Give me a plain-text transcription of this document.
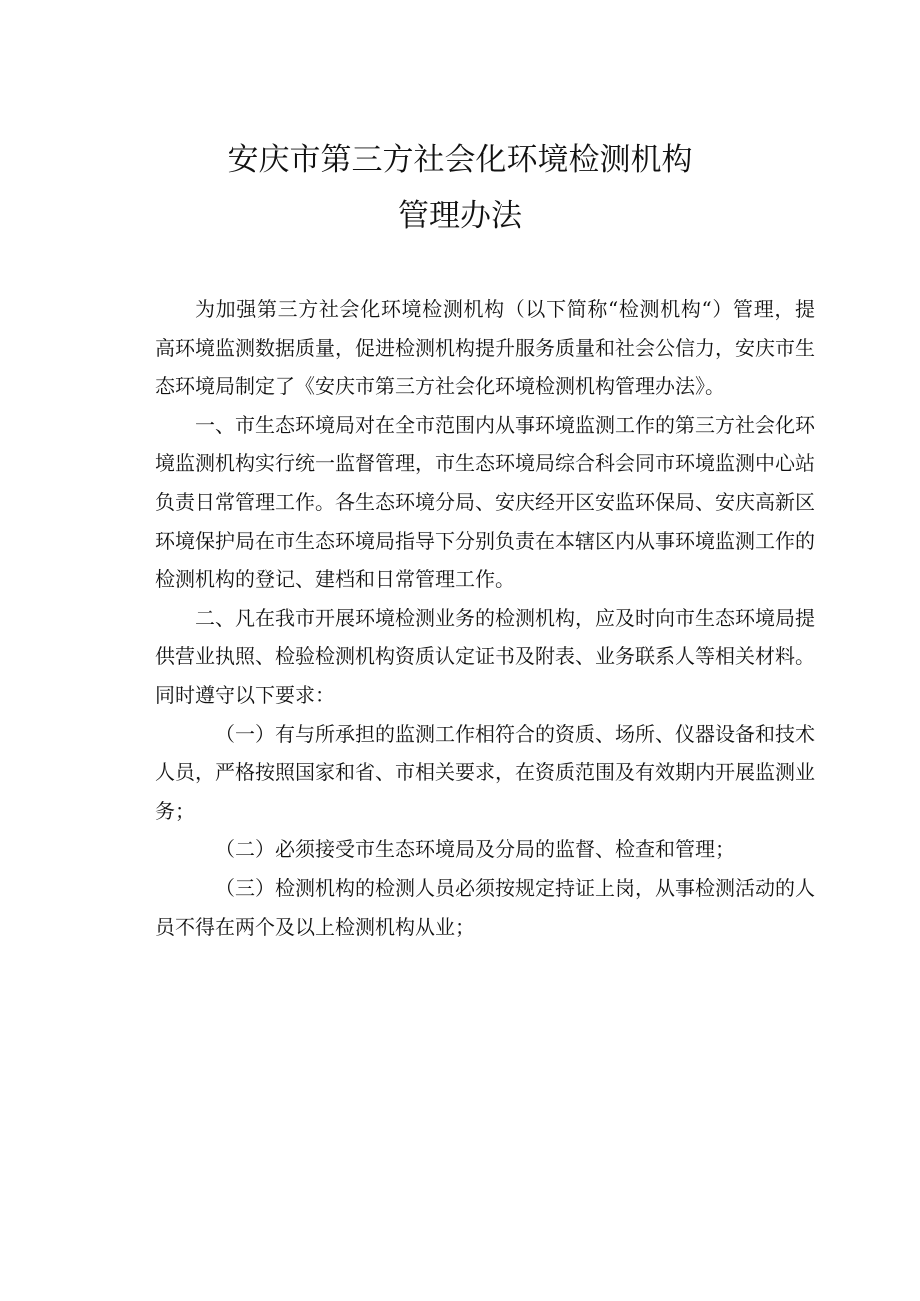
安庆市第三方社会化环境检测机构
管理办法

为加强第三方社会化环境检测机构（以下简称“检测机构“）管理，提高环境监测数据质量，促进检测机构提升服务质量和社会公信力，安庆市生态环境局制定了《安庆市第三方社会化环境检测机构管理办法》。

一、市生态环境局对在全市范围内从事环境监测工作的第三方社会化环境监测机构实行统一监督管理，市生态环境局综合科会同市环境监测中心站负责日常管理工作。各生态环境分局、安庆经开区安监环保局、安庆高新区环境保护局在市生态环境局指导下分别负责在本辖区内从事环境监测工作的检测机构的登记、建档和日常管理工作。

二、凡在我市开展环境检测业务的检测机构，应及时向市生态环境局提供营业执照、检验检测机构资质认定证书及附表、业务联系人等相关材料。同时遵守以下要求：

（一）有与所承担的监测工作相符合的资质、场所、仪器设备和技术人员，严格按照国家和省、市相关要求，在资质范围及有效期内开展监测业务；

（二）必须接受市生态环境局及分局的监督、检查和管理；

（三）检测机构的检测人员必须按规定持证上岗，从事检测活动的人员不得在两个及以上检测机构从业；
